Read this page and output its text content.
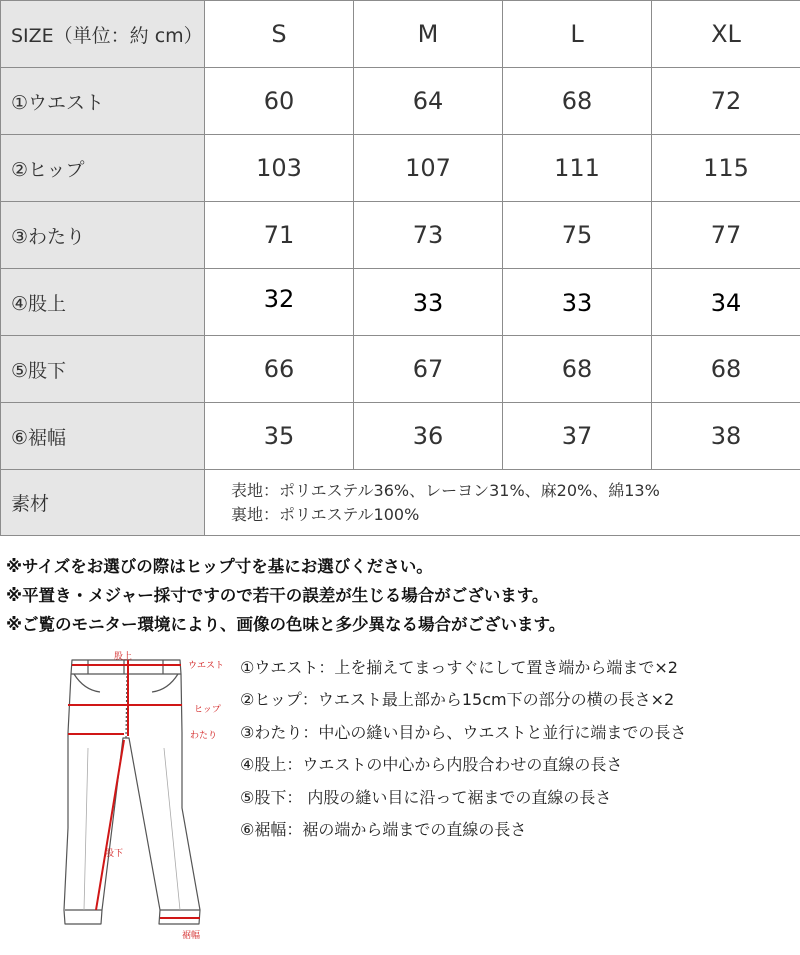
SIZE（単位：約 cm）	S	M	L	XL
①ウエスト	60	64	68	72
②ヒップ	103	107	111	115
③わたり	71	73	75	77
④股上	32	33	33	34
⑤股下	66	67	68	68
⑥裾幅	35	36	37	38
素材	表地：ポリエステル36%、レーヨン31%、麻20%、綿13%
裏地：ポリエステル100%			
※サイズをお選びの際はヒップ寸を基にお選びください。
※平置き・メジャー採寸ですので若干の誤差が生じる場合がございます。
※ご覧のモニター環境により、画像の色味と多少異なる場合がございます。
股上
ウエスト
ヒップ
わたり
股下
裾幅
①ウエスト：上を揃えてまっすぐにして置き端から端まで×2
②ヒップ：ウエスト最上部から15cm下の部分の横の長さ×2
③わたり：中心の縫い目から、ウエストと並行に端までの長さ
④股上：ウエストの中心から内股合わせの直線の長さ
⑤股下： 内股の縫い目に沿って裾までの直線の長さ
⑥裾幅：裾の端から端までの直線の長さ
